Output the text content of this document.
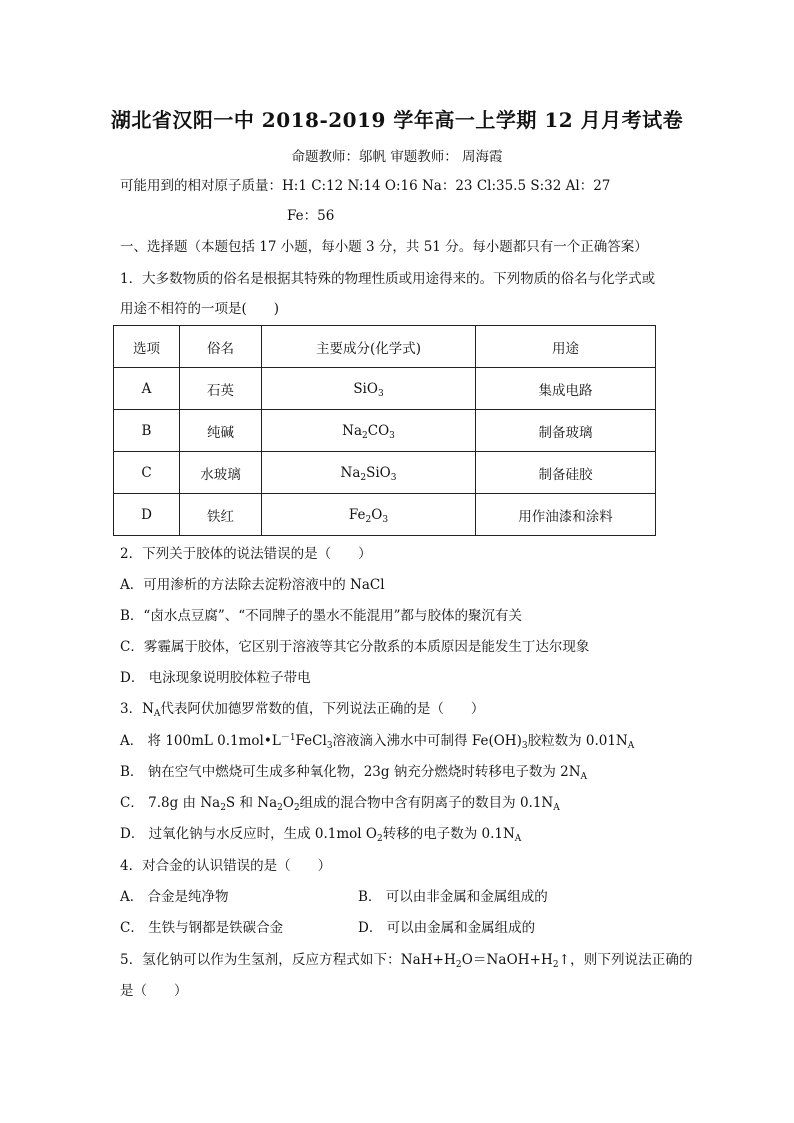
湖北省汉阳一中 2018-2019 学年高一上学期 12 月月考试卷
命题教师：邬帆 审题教师： 周海霞
可能用到的相对原子质量：H:1 C:12 N:14 O:16 Na：23 Cl:35.5 S:32 Al：27
Fe：56
一、选择题（本题包括 17 小题，每小题 3 分，共 51 分。每小题都只有一个正确答案）
1．大多数物质的俗名是根据其特殊的物理性质或用途得来的。下列物质的俗名与化学式或
用途不相符的一项是(　　)
选项	俗名	主要成分(化学式)	用途
A	石英	SiO$_3$	集成电路
B	纯碱	$Na_2CO_3$	制备玻璃
C	水玻璃	$Na_2SiO_3$	制备硅胶
D	铁红	$Fe_2O_3$	用作油漆和涂料
2．下列关于胶体的说法错误的是（　　）
A．可用渗析的方法除去淀粉溶液中的 NaCl
B．“卤水点豆腐”、“不同牌子的墨水不能混用”都与胶体的聚沉有关
C．雾霾属于胶体，它区别于溶液等其它分散系的本质原因是能发生丁达尔现象
D． 电泳现象说明胶体粒子带电
3．$N_A$代表阿伏加德罗常数的值，下列说法正确的是（　　）
A． 将 100mL $0.1mol•L^{-1}FeCl_3$溶液滴入沸水中可制得 $Fe(OH)_3$胶粒数为 $0.01N_A$
B． 钠在空气中燃烧可生成多种氧化物，23g 钠充分燃烧时转移电子数为 $2N_A$
C． 7.8g 由 $Na_2S$ 和 $Na_2O_2$组成的混合物中含有阴离子的数目为 $0.1N_A$
D． 过氧化钠与水反应时，生成 0.1mol $O_2$转移的电子数为 $0.1N_A$
4．对合金的认识错误的是（　　）
A． 合金是纯净物	B． 可以由非金属和金属组成的
C． 生铁与钢都是铁碳合金	D． 可以由金属和金属组成的
5．氢化钠可以作为生氢剂，反应方程式如下：$NaH+H_2O=NaOH+H_2↑$，则下列说法正确的
是（　　）
